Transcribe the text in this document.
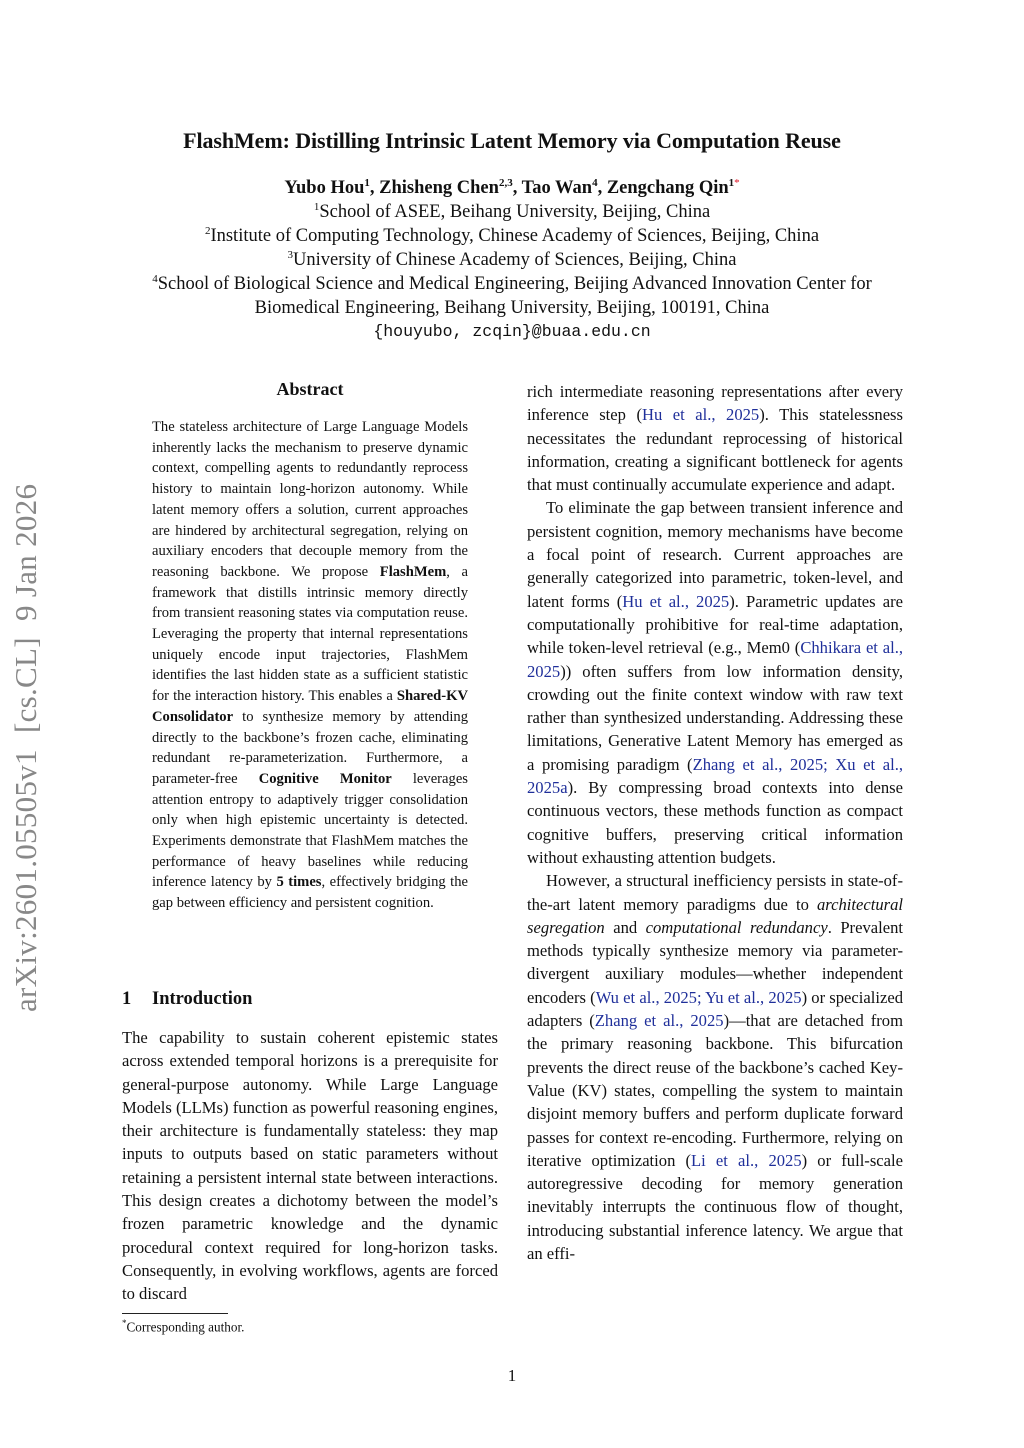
FlashMem: Distilling Intrinsic Latent Memory via Computation Reuse
Yubo Hou$^1$, Zhisheng Chen$^{2,3}$, Tao Wan$^4$, Zengchang Qin$^{1*}$
$^1$School of ASEE, Beihang University, Beijing, China
$^2$Institute of Computing Technology, Chinese Academy of Sciences, Beijing, China
$^3$University of Chinese Academy of Sciences, Beijing, China
$^4$School of Biological Science and Medical Engineering, Beijing Advanced Innovation Center for
Biomedical Engineering, Beihang University, Beijing, 100191, China
{houyubo, zcqin}@buaa.edu.cn
arXiv:2601.05505v1  [cs.CL]  9 Jan 2026
Abstract
The stateless architecture of Large Language Models inherently lacks the mechanism to preserve dynamic context, compelling agents to redundantly reprocess history to maintain long-horizon autonomy. While latent memory offers a solution, current approaches are hindered by architectural segregation, relying on auxiliary encoders that decouple memory from the reasoning backbone. We propose FlashMem, a framework that distills intrinsic memory directly from transient reasoning states via computation reuse. Leveraging the property that internal representations uniquely encode input trajectories, FlashMem identifies the last hidden state as a sufficient statistic for the interaction history. This enables a Shared-KV Consolidator to synthesize memory by attending directly to the backbone’s frozen cache, eliminating redundant re-parameterization. Furthermore, a parameter-free Cognitive Monitor leverages attention entropy to adaptively trigger consolidation only when high epistemic uncertainty is detected. Experiments demonstrate that FlashMem matches the performance of heavy baselines while reducing inference latency by 5 times, effectively bridging the gap between efficiency and persistent cognition.
1 Introduction

The capability to sustain coherent epistemic states across extended temporal horizons is a prerequisite for general-purpose autonomy. While Large Language Models (LLMs) function as powerful reasoning engines, their architecture is fundamentally stateless: they map inputs to outputs based on static parameters without retaining a persistent internal state between interactions. This design creates a dichotomy between the model’s frozen parametric knowledge and the dynamic procedural context required for long-horizon tasks. Consequently, in evolving workflows, agents are forced to discard

rich intermediate reasoning representations after every inference step (Hu et al., 2025). This statelessness necessitates the redundant reprocessing of historical information, creating a significant bottleneck for agents that must continually accumulate experience and adapt.

To eliminate the gap between transient inference and persistent cognition, memory mechanisms have become a focal point of research. Current approaches are generally categorized into parametric, token-level, and latent forms (Hu et al., 2025). Parametric updates are computationally prohibitive for real-time adaptation, while token-level retrieval (e.g., Mem0 (Chhikara et al., 2025)) often suffers from low information density, crowding out the finite context window with raw text rather than synthesized understanding. Addressing these limitations, Generative Latent Memory has emerged as a promising paradigm (Zhang et al., 2025; Xu et al., 2025a). By compressing broad contexts into dense continuous vectors, these methods function as compact cognitive buffers, preserving critical information without exhausting attention budgets.

However, a structural inefficiency persists in state-of-the-art latent memory paradigms due to architectural segregation and computational redundancy. Prevalent methods typically synthesize memory via parameter-divergent auxiliary modules—whether independent encoders (Wu et al., 2025; Yu et al., 2025) or specialized adapters (Zhang et al., 2025)—that are detached from the primary reasoning backbone. This bifurcation prevents the direct reuse of the backbone’s cached Key-Value (KV) states, compelling the system to maintain disjoint memory buffers and perform duplicate forward passes for context re-encoding. Furthermore, relying on iterative optimization (Li et al., 2025) or full-scale autoregressive decoding for memory generation inevitably interrupts the continuous flow of thought, introducing substantial inference latency. We argue that an effi-

*Corresponding author.
1
